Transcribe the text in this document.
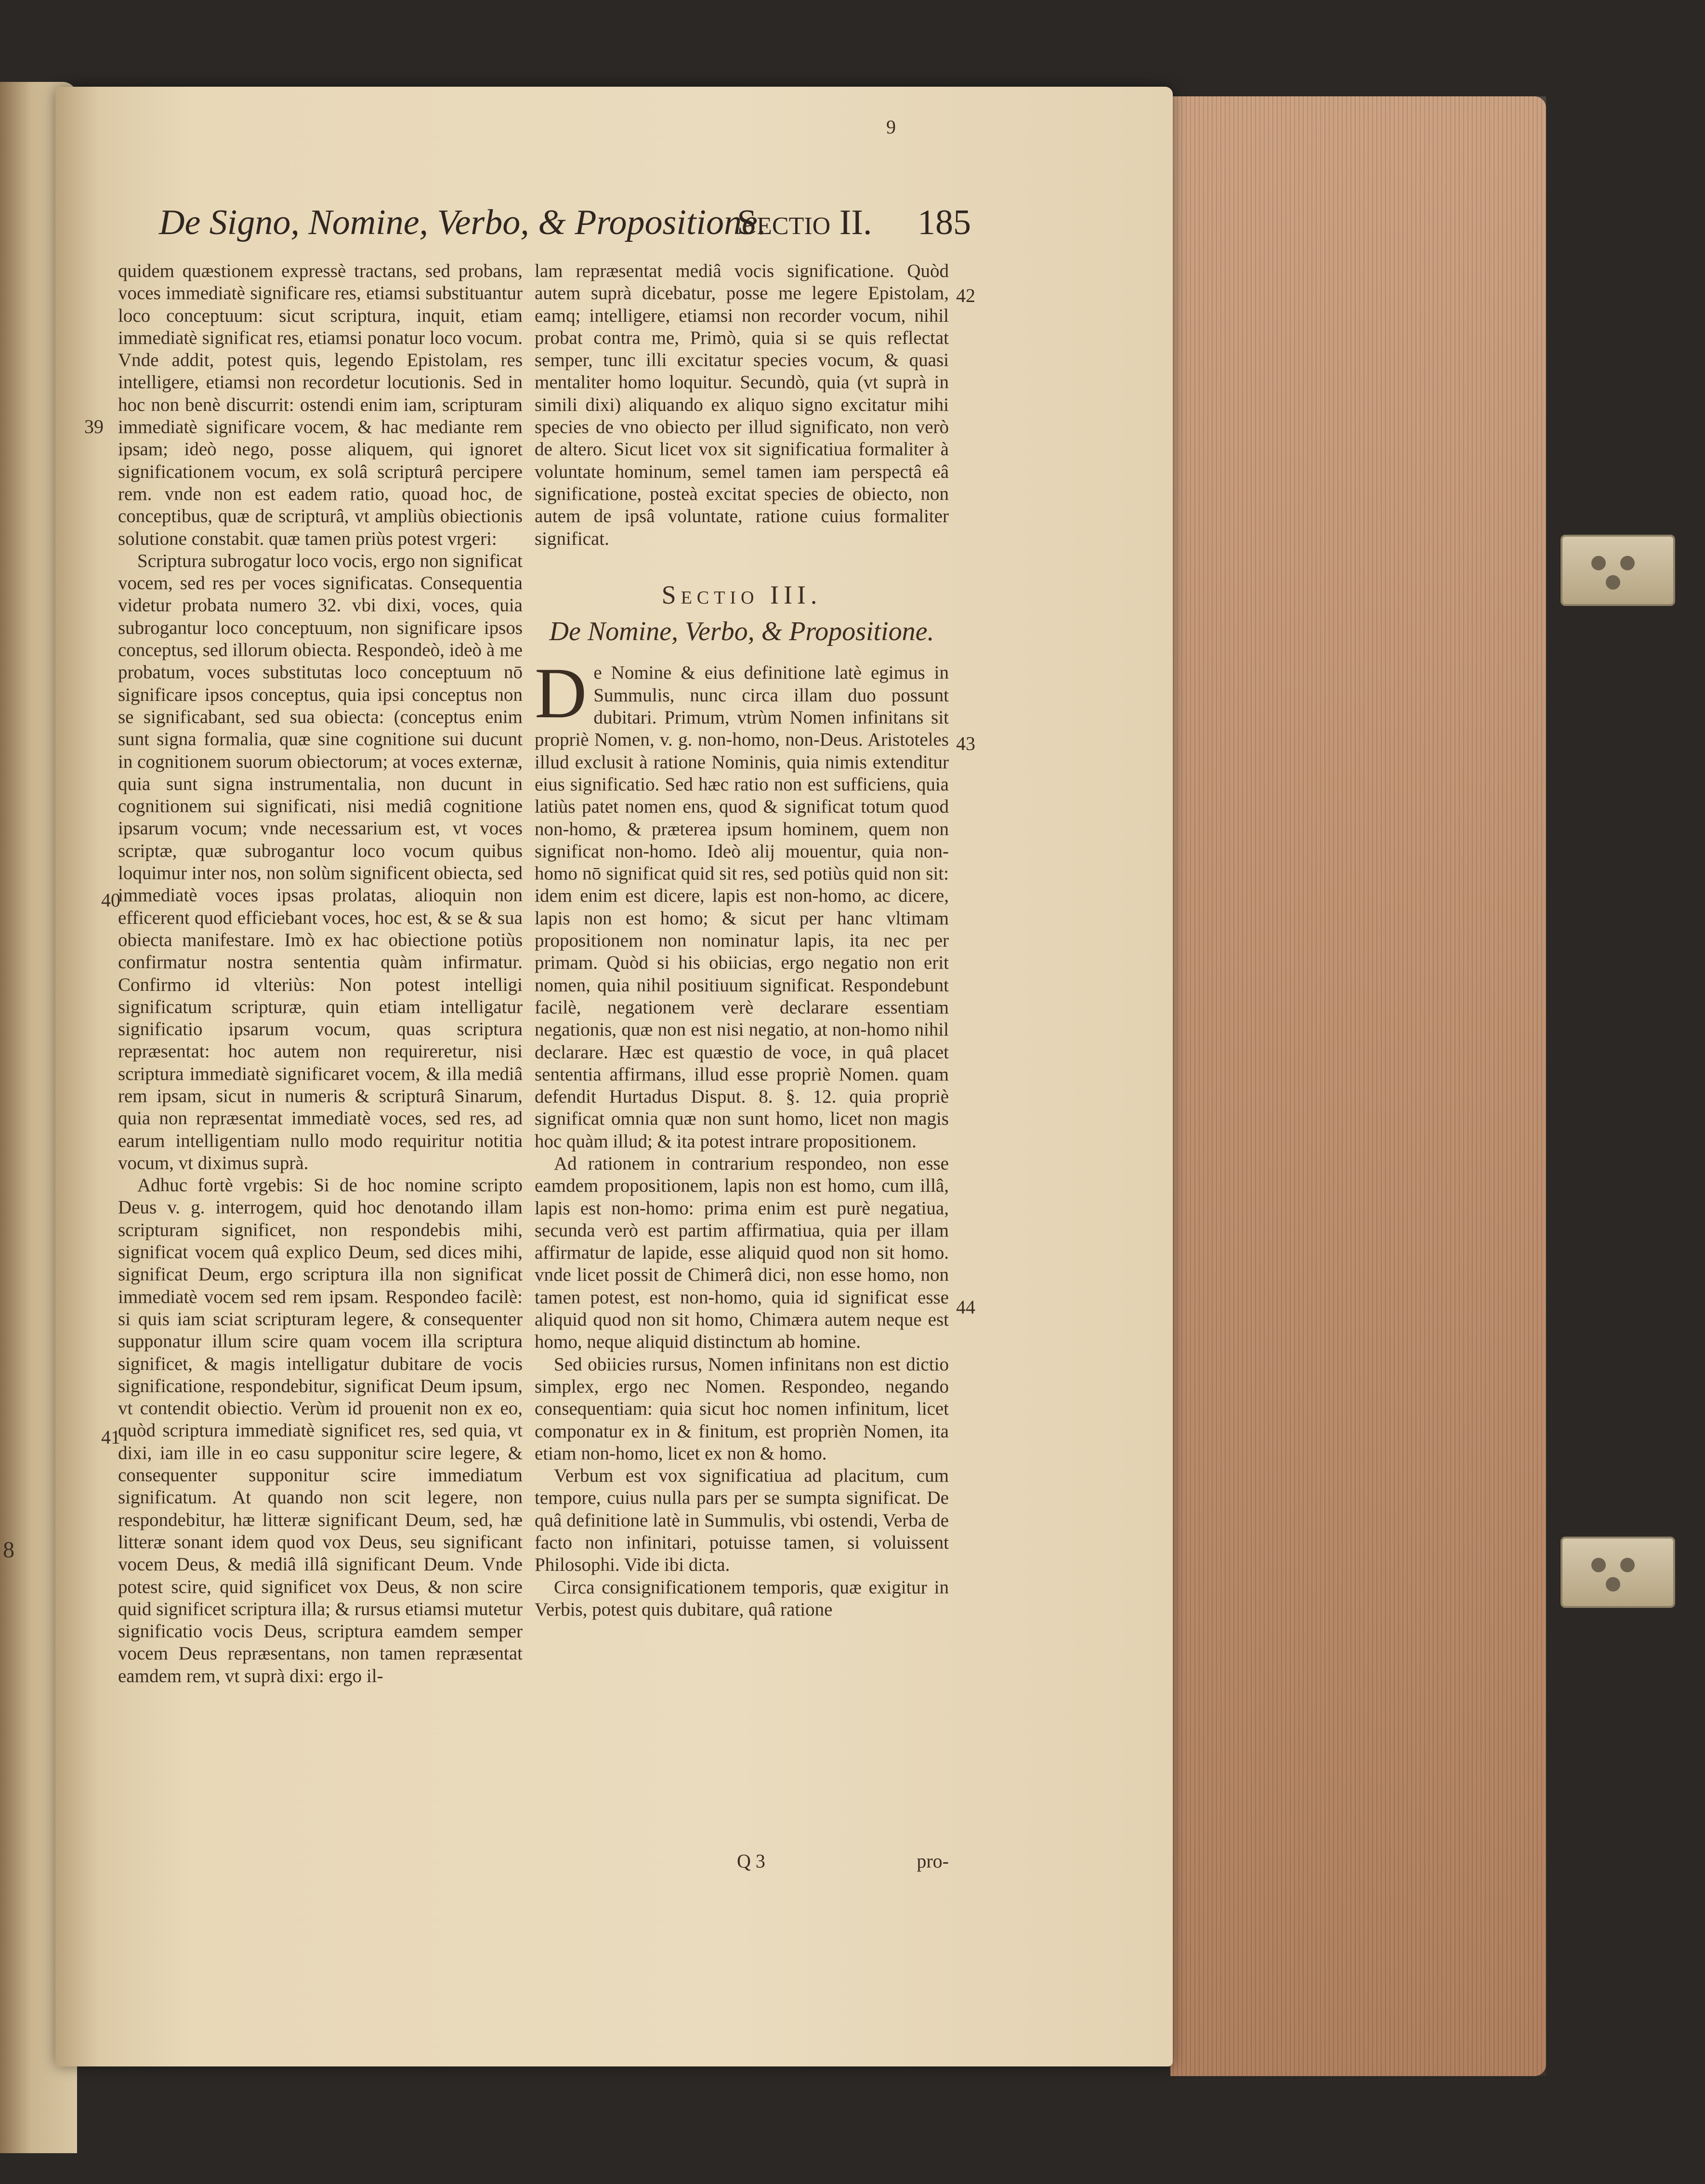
8
9
De Signo, Nomine, Verbo, & Propositione.
Sectio II. 185

quidem quæstionem expressè tractans, sed probans, voces immediatè significare res, etiamsi substituantur loco conceptuum: sicut scriptura, inquit, etiam immediatè significat res, etiamsi ponatur loco vocum. Vnde addit, potest quis, legendo Epistolam, res intelligere, etiamsi non recordetur locutionis. Sed in hoc non benè discurrit: ostendi enim iam, scripturam immediatè significare vocem, & hac mediante rem ipsam; ideò nego, posse aliquem, qui ignoret significationem vocum, ex solâ scripturâ percipere rem. vnde non est eadem ratio, quoad hoc, de conceptibus, quæ de scripturâ, vt ampliùs obiectionis solutione constabit. quæ tamen priùs potest vrgeri:

Scriptura subrogatur loco vocis, ergo non significat vocem, sed res per voces significatas. Consequentia videtur probata numero 32. vbi dixi, voces, quia subrogantur loco conceptuum, non significare ipsos conceptus, sed illorum obiecta. Respondeò, ideò à me probatum, voces substitutas loco conceptuum nō significare ipsos conceptus, quia ipsi conceptus non se significabant, sed sua obiecta: (conceptus enim sunt signa formalia, quæ sine cognitione sui ducunt in cognitionem suorum obiectorum; at voces externæ, quia sunt signa instrumentalia, non ducunt in cognitionem sui significati, nisi mediâ cognitione ipsarum vocum; vnde necessarium est, vt voces scriptæ, quæ subrogantur loco vocum quibus loquimur inter nos, non solùm significent obiecta, sed immediatè voces ipsas prolatas, alioquin non efficerent quod efficiebant voces, hoc est, & se & sua obiecta manifestare. Imò ex hac obiectione potiùs confirmatur nostra sententia quàm infirmatur. Confirmo id vlteriùs: Non potest intelligi significatum scripturæ, quin etiam intelligatur significatio ipsarum vocum, quas scriptura repræsentat: hoc autem non requireretur, nisi scriptura immediatè significaret vocem, & illa mediâ rem ipsam, sicut in numeris & scripturâ Sinarum, quia non repræsentat immediatè voces, sed res, ad earum intelligentiam nullo modo requiritur notitia vocum, vt diximus suprà.

Adhuc fortè vrgebis: Si de hoc nomine scripto Deus v. g. interrogem, quid hoc denotando illam scripturam significet, non respondebis mihi, significat vocem quâ explico Deum, sed dices mihi, significat Deum, ergo scriptura illa non significat immediatè vocem sed rem ipsam. Respondeo facilè: si quis iam sciat scripturam legere, & consequenter supponatur illum scire quam vocem illa scriptura significet, & magis intelligatur dubitare de vocis significatione, respondebitur, significat Deum ipsum, vt contendit obiectio. Verùm id prouenit non ex eo, quòd scriptura immediatè significet res, sed quia, vt dixi, iam ille in eo casu supponitur scire legere, & consequenter supponitur scire immediatum significatum. At quando non scit legere, non respondebitur, hæ litteræ significant Deum, sed, hæ litteræ sonant idem quod vox Deus, seu significant vocem Deus, & mediâ illâ significant Deum. Vnde potest scire, quid significet vox Deus, & non scire quid significet scriptura illa; & rursus etiamsi mutetur significatio vocis Deus, scriptura eamdem semper vocem Deus repræsentans, non tamen repræsentat eamdem rem, vt suprà dixi: ergo il-

lam repræsentat mediâ vocis significatione. Quòd autem suprà dicebatur, posse me legere Epistolam, eamq; intelligere, etiamsi non recorder vocum, nihil probat contra me, Primò, quia si se quis reflectat semper, tunc illi excitatur species vocum, & quasi mentaliter homo loquitur. Secundò, quia (vt suprà in simili dixi) aliquando ex aliquo signo excitatur mihi species de vno obiecto per illud significato, non verò de altero. Sicut licet vox sit significatiua formaliter à voluntate hominum, semel tamen iam perspectâ eâ significatione, posteà excitat species de obiecto, non autem de ipsâ voluntate, ratione cuius formaliter significat.

Sectio III.
De Nomine, Verbo, & Propositione.

De Nomine & eius definitione latè egimus in Summulis, nunc circa illam duo possunt dubitari. Primum, vtrùm Nomen infinitans sit propriè Nomen, v. g. non-homo, non-Deus. Aristoteles illud exclusit à ratione Nominis, quia nimis extenditur eius significatio. Sed hæc ratio non est sufficiens, quia latiùs patet nomen ens, quod & significat totum quod non-homo, & præterea ipsum hominem, quem non significat non-homo. Ideò alij mouentur, quia non-homo nō significat quid sit res, sed potiùs quid non sit: idem enim est dicere, lapis est non-homo, ac dicere, lapis non est homo; & sicut per hanc vltimam propositionem non nominatur lapis, ita nec per primam. Quòd si his obiicias, ergo negatio non erit nomen, quia nihil positiuum significat. Respondebunt facilè, negationem verè declarare essentiam negationis, quæ non est nisi negatio, at non-homo nihil declarare. Hæc est quæstio de voce, in quâ placet sententia affirmans, illud esse propriè Nomen. quam defendit Hurtadus Disput. 8. §. 12. quia propriè significat omnia quæ non sunt homo, licet non magis hoc quàm illud; & ita potest intrare propositionem.

Ad rationem in contrarium respondeo, non esse eamdem propositionem, lapis non est homo, cum illâ, lapis est non-homo: prima enim est purè negatiua, secunda verò est partim affirmatiua, quia per illam affirmatur de lapide, esse aliquid quod non sit homo. vnde licet possit de Chimerâ dici, non esse homo, non tamen potest, est non-homo, quia id significat esse aliquid quod non sit homo, Chimæra autem neque est homo, neque aliquid distinctum ab homine.

Sed obiicies rursus, Nomen infinitans non est dictio simplex, ergo nec Nomen. Respondeo, negando consequentiam: quia sicut hoc nomen infinitum, licet componatur ex in & finitum, est proprièn Nomen, ita etiam non-homo, licet ex non & homo.

Verbum est vox significatiua ad placitum, cum tempore, cuius nulla pars per se sumpta significat. De quâ definitione latè in Summulis, vbi ostendi, Verba de facto non infinitari, potuisse tamen, si voluissent Philosophi. Vide ibi dicta.

Circa consignificationem temporis, quæ exigitur in Verbis, potest quis dubitare, quâ ratione

39
40
41
42
43
44
Q 3	pro-
